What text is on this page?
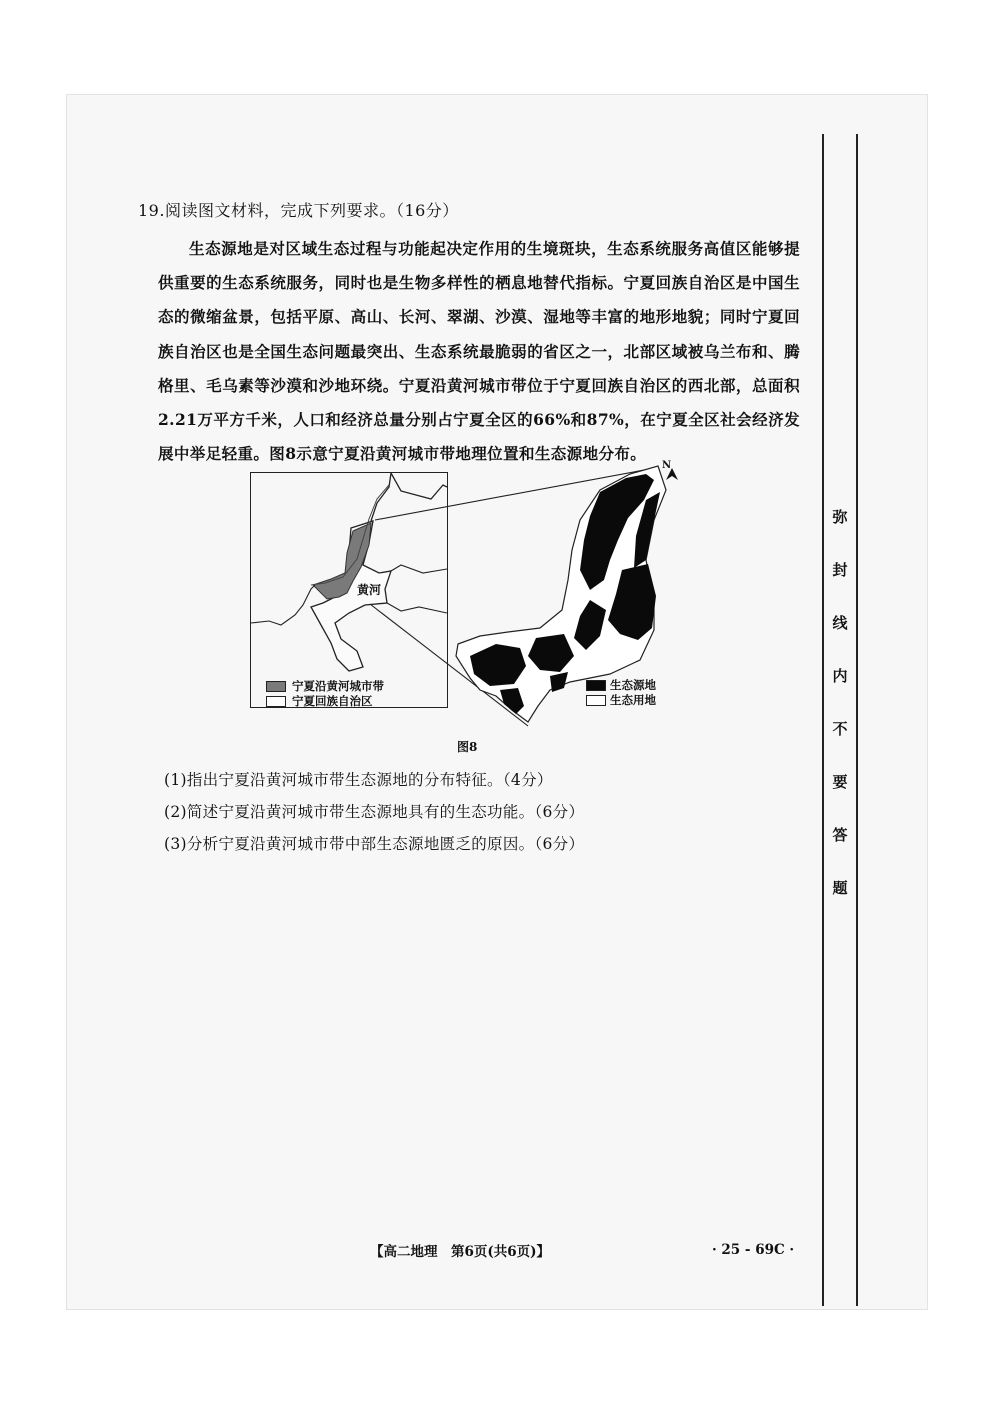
弥
封
线
内
不
要
答
题
19.阅读图文材料，完成下列要求。（16分）
生态源地是对区域生态过程与功能起决定作用的生境斑块，生态系统服务高值区能够提供重要的生态系统服务，同时也是生物多样性的栖息地替代指标。宁夏回族自治区是中国生态的微缩盆景，包括平原、高山、长河、翠湖、沙漠、湿地等丰富的地形地貌；同时宁夏回族自治区也是全国生态问题最突出、生态系统最脆弱的省区之一，北部区域被乌兰布和、腾格里、毛乌素等沙漠和沙地环绕。宁夏沿黄河城市带位于宁夏回族自治区的西北部，总面积2.21万平方千米，人口和经济总量分别占宁夏全区的66%和87%，在宁夏全区社会经济发展中举足轻重。图8示意宁夏沿黄河城市带地理位置和生态源地分布。
黄河
宁夏沿黄河城市带
宁夏回族自治区
N
生态源地
生态用地
图8
(1)指出宁夏沿黄河城市带生态源地的分布特征。（4分）
(2)简述宁夏沿黄河城市带生态源地具有的生态功能。（6分）
(3)分析宁夏沿黄河城市带中部生态源地匮乏的原因。（6分）
【高二地理　第6页(共6页)】	· 25 - 69C ·
